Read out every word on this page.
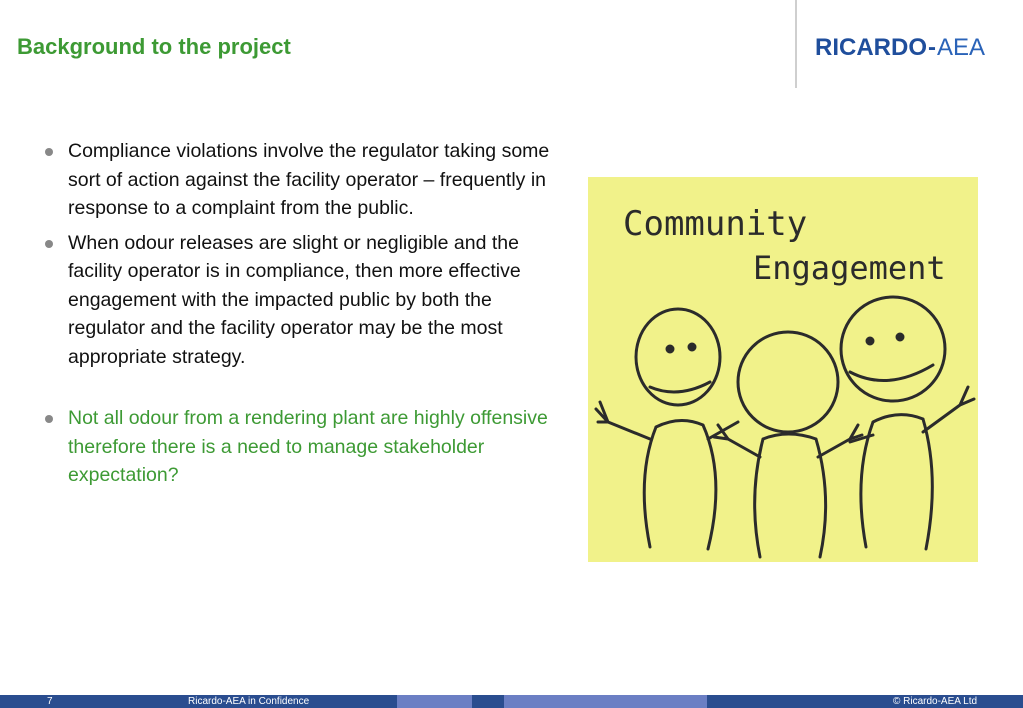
Background to the project	RICARDO-AEA
Compliance violations involve the regulator taking some sort of action against the facility operator – frequently in response to a complaint from the public.
When odour releases are slight or negligible and the facility operator is in compliance, then more effective engagement with the impacted public by both the regulator and the facility operator may be the most appropriate strategy.
Not all odour from a rendering plant are highly offensive therefore there is a need to manage stakeholder expectation?
Community
Engagement
7	Ricardo-AEA in Confidence	© Ricardo-AEA Ltd
